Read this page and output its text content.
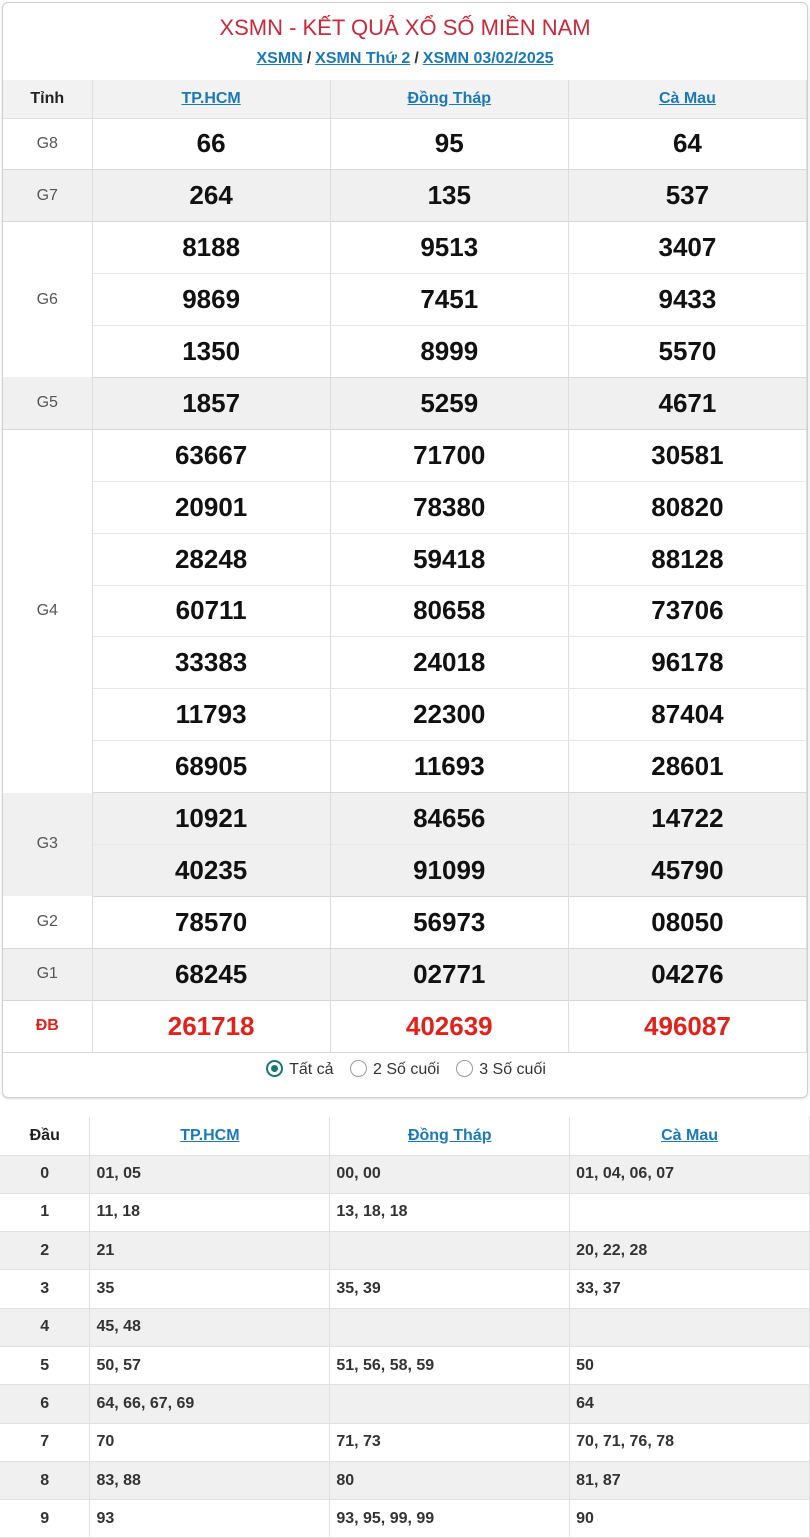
XSMN - KẾT QUẢ XỔ SỐ MIỀN NAM
XSMN / XSMN Thứ 2 / XSMN 03/02/2025
Tất cả 2 Số cuối 3 Số cuối
Tỉnh	TP.HCM	Đồng Tháp	Cà Mau
G8	66	95	64
G7	264	135	537
G6	8188	9513	3407
	9869	7451	9433
	1350	8999	5570
G5	1857	5259	4671
G4	63667	71700	30581
	20901	78380	80820
	28248	59418	88128
	60711	80658	73706
	33383	24018	96178
	11793	22300	87404
	68905	11693	28601
G3	10921	84656	14722
	40235	91099	45790
G2	78570	56973	08050
G1	68245	02771	04276
ĐB	261718	402639	496087
Đầu	TP.HCM	Đồng Tháp	Cà Mau
0	01, 05	00, 00	01, 04, 06, 07
1	11, 18	13, 18, 18	
2	21		20, 22, 28
3	35	35, 39	33, 37
4	45, 48		
5	50, 57	51, 56, 58, 59	50
6	64, 66, 67, 69		64
7	70	71, 73	70, 71, 76, 78
8	83, 88	80	81, 87
9	93	93, 95, 99, 99	90
